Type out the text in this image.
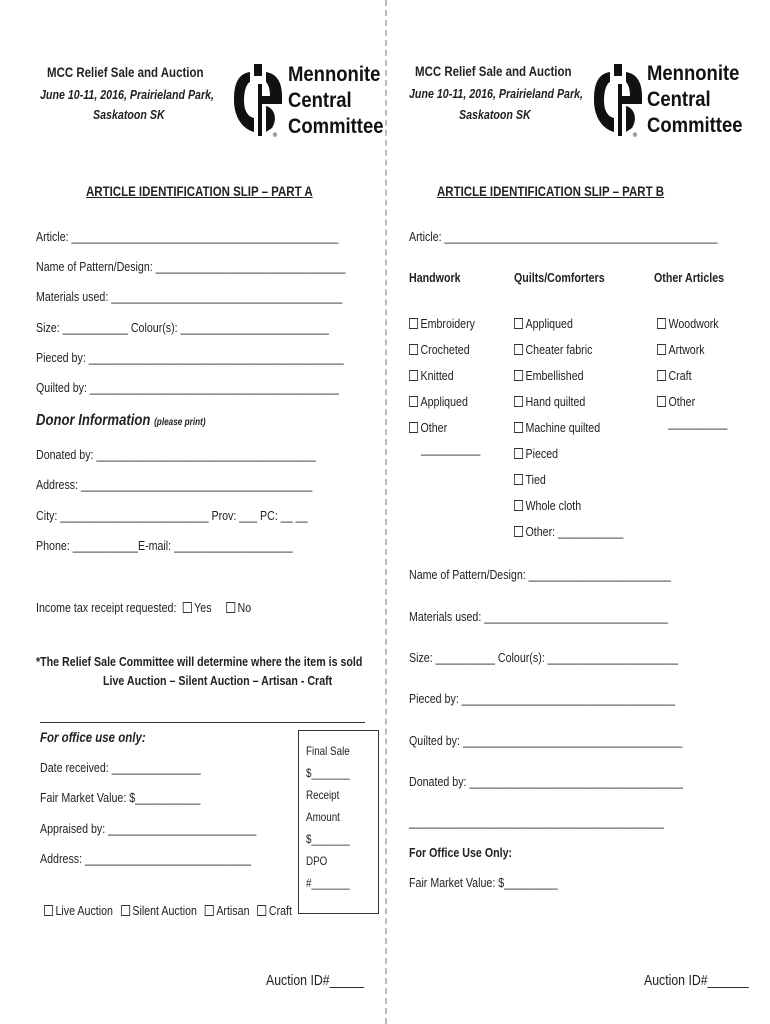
MCC Relief Sale and Auction
June 10-11, 2016, Prairieland Park,
Saskatoon SK
®
Mennonite
Central
Committee
MCC Relief Sale and Auction
June 10-11, 2016, Prairieland Park,
Saskatoon SK
®
Mennonite
Central
Committee
ARTICLE IDENTIFICATION SLIP – PART A
Article: _____________________________________________
Name of Pattern/Design: ________________________________
Materials used: _______________________________________
Size: ___________ Colour(s): _________________________
Pieced by: ___________________________________________
Quilted by: __________________________________________
Donor Information (please print)
Donated by: _____________________________________
Address: _______________________________________
City: _________________________ Prov: ___ PC: __ __
Phone: ___________E-mail: ____________________
Income tax receipt requested: Yes No
*The Relief Sale Committee will determine where the item is sold
Live Auction – Silent Auction – Artisan - Craft
For office use only:
Date received: _______________
Fair Market Value: $___________
Appraised by: _________________________
Address: ____________________________
Final Sale
$_______
Receipt
Amount
$_______
DPO
#_______
Live Auction Silent Auction Artisan Craft
Auction ID#_____
ARTICLE IDENTIFICATION SLIP – PART B
Article: ______________________________________________
Handwork	Quilts/Comforters	Other Articles
Embroidery
Crocheted
Knitted
Appliqued
Other
__________
Appliqued
Cheater fabric
Embellished
Hand quilted
Machine quilted
Pieced
Tied
Whole cloth
Other: ___________
Woodwork
Artwork
Craft
Other
__________
Name of Pattern/Design: ________________________
Materials used: _______________________________
Size: __________ Colour(s): ______________________
Pieced by: ____________________________________
Quilted by: _____________________________________
Donated by: ____________________________________
___________________________________________
For Office Use Only:
Fair Market Value: $_________
Auction ID#______
